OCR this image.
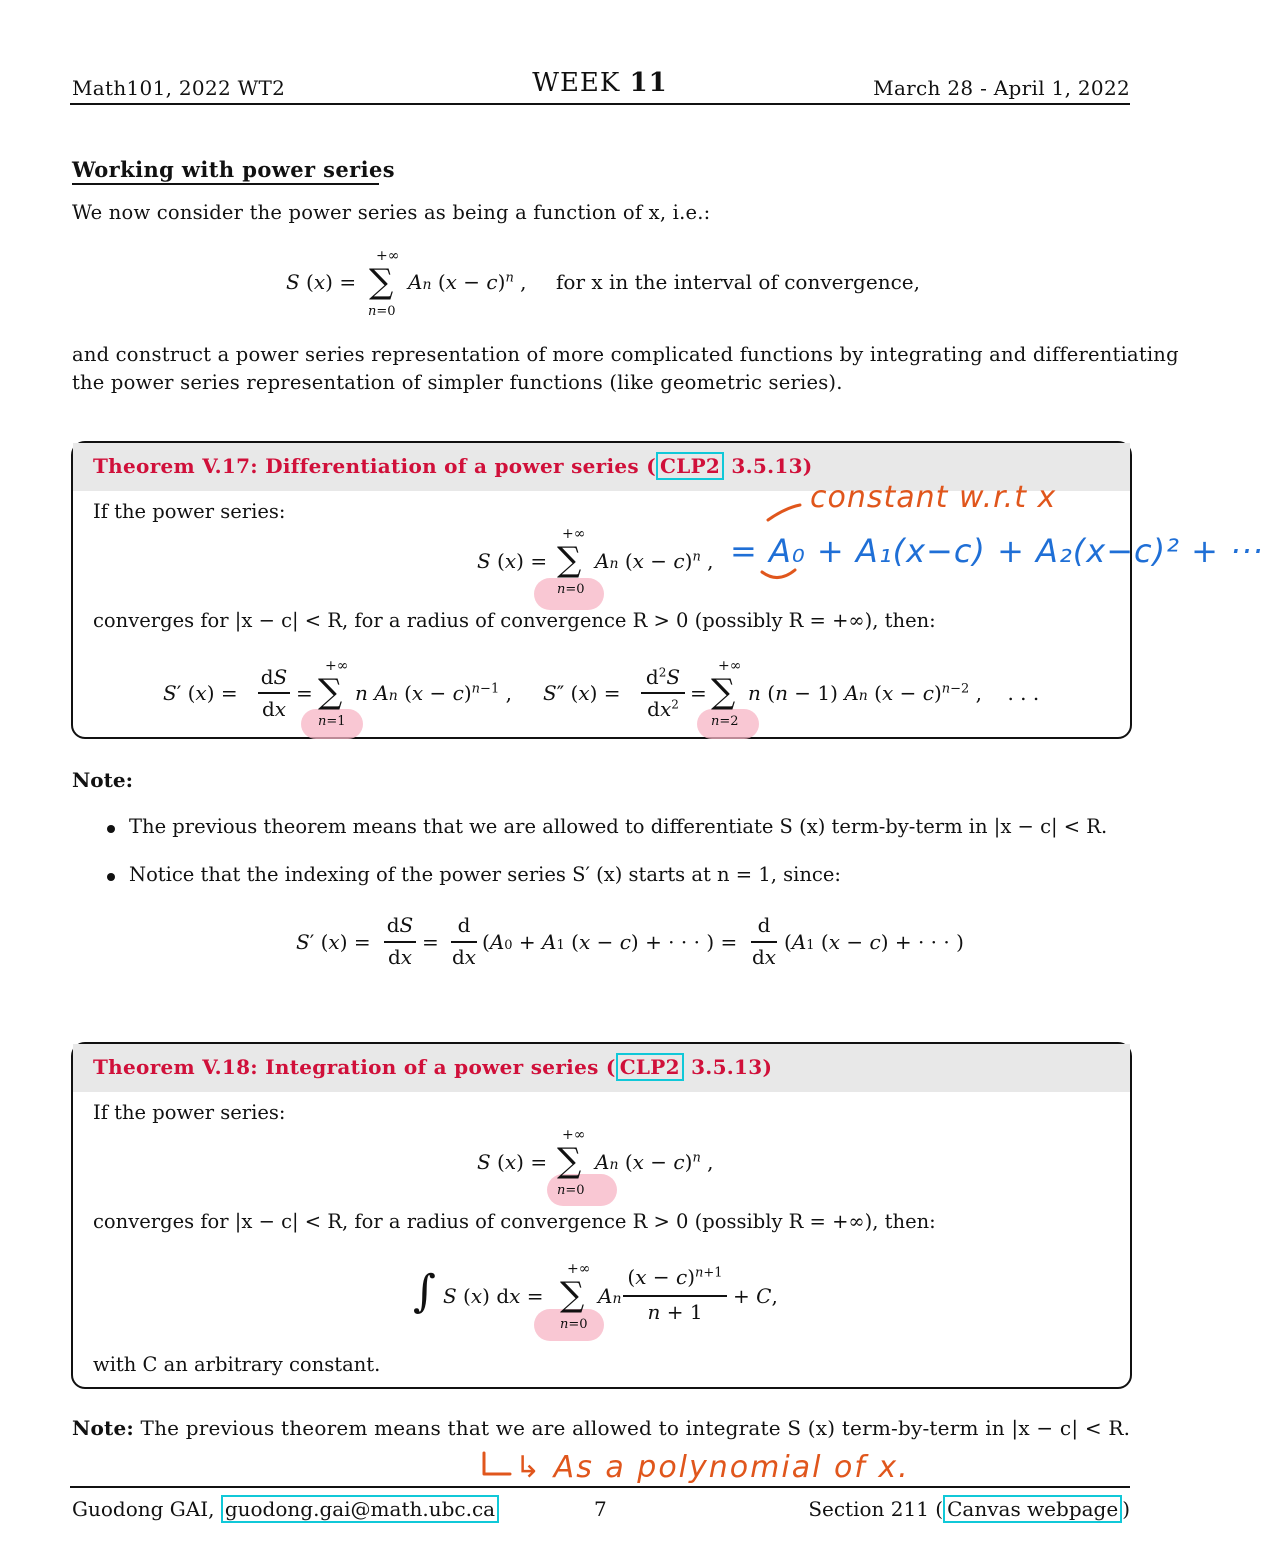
Math101, 2022 WT2	WEEK 11	March 28 - April 1, 2022
Working with power series
We now consider the power series as being a function of x, i.e.:
S (x) =
+∞
∑
n=0
An $(x - c)^n$ , for x in the interval of convergence,
and construct a power series representation of more complicated functions by integrating and differentiating
the power series representation of simpler functions (like geometric series).
Theorem V.17: Differentiation of a power series ( CLP2 3.5.13)
If the power series:
S (x) =
+∞
∑
n=0
An $(x - c)^n$ ,
converges for |x − c| < R, for a radius of convergence R > 0 (possibly R = +∞), then:
S′ (x) =
dS
dx
=
+∞
∑
n=1
n An $(x - c)^{n-1}$ , S″ (x) =
$d^2S$
$dx^2$ =
+∞
∑
n=2
n (n − 1) An $(x - c)^{n-2}$ ,    . . .
constant w.r.t x
= A₀ + A₁(x−c) + A₂(x−c)² + ···
Note:
The previous theorem means that we are allowed to differentiate S (x) term-by-term in |x − c| < R.
Notice that the indexing of the power series S′ (x) starts at n = 1, since:
S′ (x) =
dS
dx
=
d
dx
(A0 + A1 (x − c) + · · · ) =
d
dx
(A1 (x − c) + · · · )
Theorem V.18: Integration of a power series ( CLP2 3.5.13)
If the power series:
S (x) =
+∞
∑
n=0
An $(x - c)^n$ ,
converges for |x − c| < R, for a radius of convergence R > 0 (possibly R = +∞), then:
∫ S (x) dx =
+∞
∑
n=0
An
$(x - c)^{n+1}$
n + 1
+ C,
with C an arbitrary constant.
Note: The previous theorem means that we are allowed to integrate S (x) term-by-term in |x − c| < R.
↳ As a polynomial of x.
Guodong GAI, guodong.gai@math.ubc.ca	7	Section 211 ( Canvas webpage )
